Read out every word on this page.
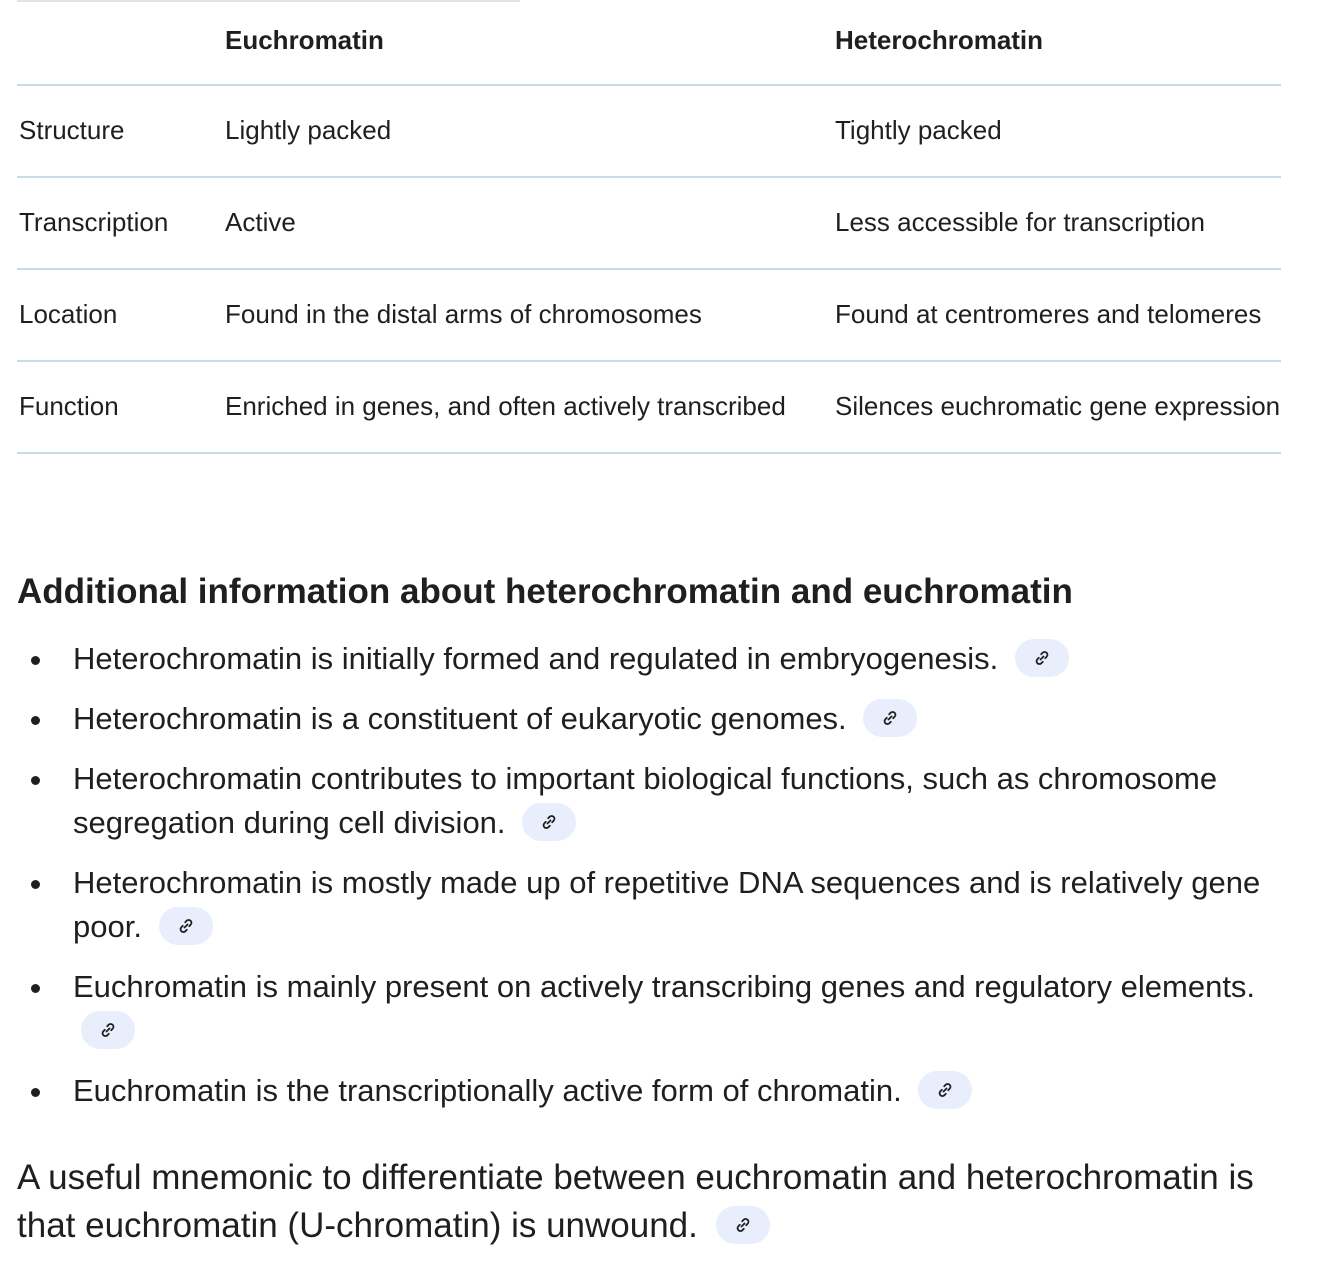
	Euchromatin	Heterochromatin
Structure	Lightly packed	Tightly packed
Transcription	Active	Less accessible for transcription
Location	Found in the distal arms of chromosomes	Found at centromeres and telomeres
Function	Enriched in genes, and often actively transcribed	Silences euchromatic gene expression
Additional information about heterochromatin and euchromatin
Heterochromatin is initially formed and regulated in embryogenesis.
Heterochromatin is a constituent of eukaryotic genomes.
Heterochromatin contributes to important biological functions, such as chromosome segregation during cell division.
Heterochromatin is mostly made up of repetitive DNA sequences and is relatively gene poor.
Euchromatin is mainly present on actively transcribing genes and regulatory elements.
Euchromatin is the transcriptionally active form of chromatin.

A useful mnemonic to differentiate between euchromatin and heterochromatin is that euchromatin (U-chromatin) is unwound.
